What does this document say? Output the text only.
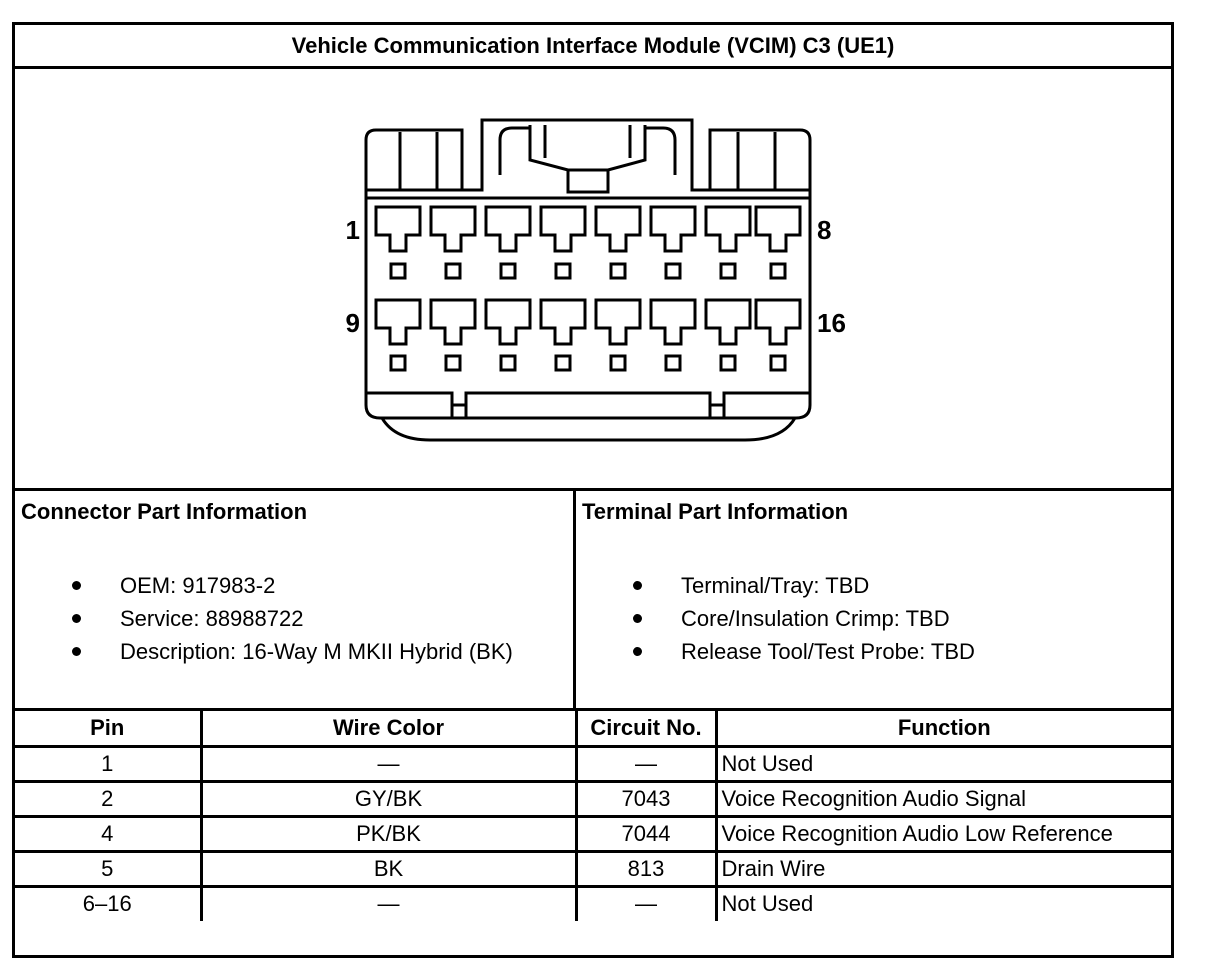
Vehicle Communication Interface Module (VCIM) C3 (UE1)
1	8
9	16
Connector Part Information
OEM: 917983-2
Service: 88988722
Description: 16-Way M MKII Hybrid (BK)
Terminal Part Information
Terminal/Tray: TBD
Core/Insulation Crimp: TBD
Release Tool/Test Probe: TBD
Pin	Wire Color	Circuit No.	Function
1	—	—	Not Used
2	GY/BK	7043	Voice Recognition Audio Signal
4	PK/BK	7044	Voice Recognition Audio Low Reference
5	BK	813	Drain Wire
6–16	—	—	Not Used
